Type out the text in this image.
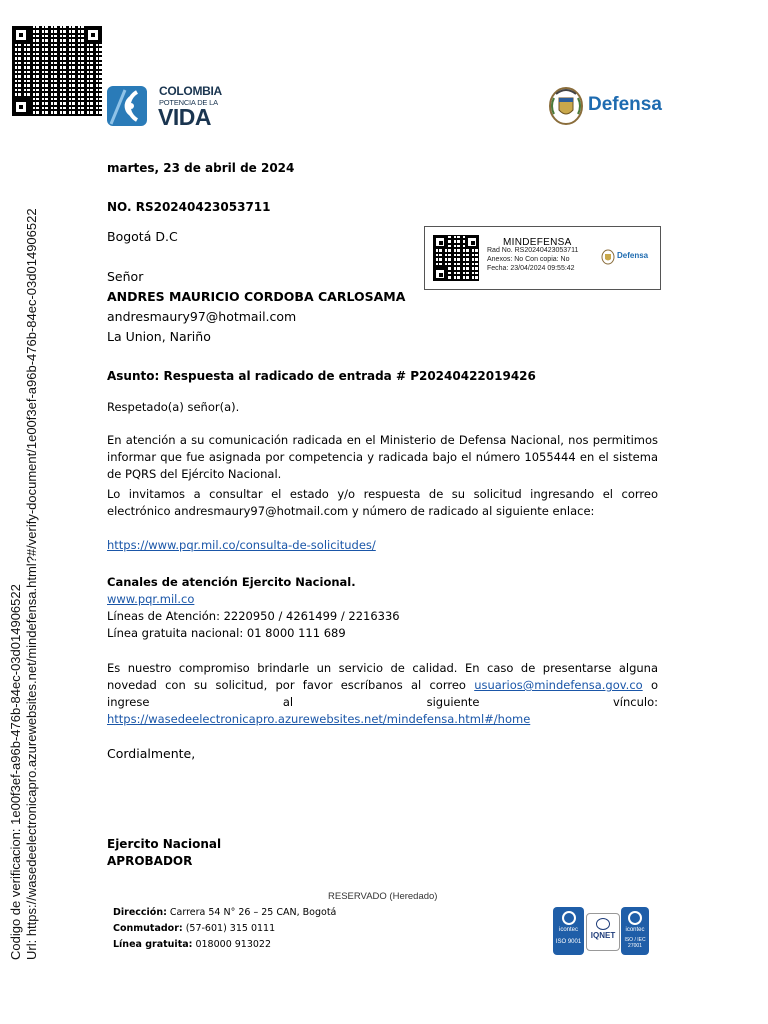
Codigo de verificacion: 1e00f3ef-a96b-476b-84ec-03d014906522 Url: https://wasedeelectronicapro.azurewebsites.net/mindefensa.html?#/verify-document/1e00f3ef-a96b-476b-84ec-03d014906522
COLOMBIA
POTENCIA DE LA
VIDA	Defensa
MINDEFENSA
Rad No. RS20240423053711
Anexos: No Con copia: No
Fecha: 23/04/2024 09:55:42
Defensa
martes, 23 de abril de 2024
NO. RS20240423053711
Bogotá D.C
Señor
ANDRES MAURICIO CORDOBA CARLOSAMA
andresmaury97@hotmail.com
La Union, Nariño
Asunto: Respuesta al radicado de entrada # P20240422019426
Respetado(a) señor(a).
En atención a su comunicación radicada en el Ministerio de Defensa Nacional, nos permitimos informar que fue asignada por competencia y radicada bajo el número 1055444 en el sistema de PQRS del Ejército Nacional.
Lo invitamos a consultar el estado y/o respuesta de su solicitud ingresando el correo electrónico andresmaury97@hotmail.com y número de radicado al siguiente enlace:
https://www.pqr.mil.co/consulta-de-solicitudes/
Canales de atención Ejercito Nacional.
www.pqr.mil.co
Líneas de Atención: 2220950 / 4261499 / 2216336
Línea gratuita nacional: 01 8000 111 689
Es nuestro compromiso brindarle un servicio de calidad. En caso de presentarse alguna novedad con su solicitud, por favor escríbanos al correo usuarios@mindefensa.gov.co o ingrese al siguiente vínculo: https://wasedeelectronicapro.azurewebsites.net/mindefensa.html#/home
Cordialmente,
Ejercito Nacional
APROBADOR
RESERVADO (Heredado)
Dirección: Carrera 54 N° 26 – 25 CAN, Bogotá
Conmutador: (57-601) 315 0111
Línea gratuita: 018000 913022
icontec
ISO 9001
IQNET
icontec
ISO / IEC 27001
